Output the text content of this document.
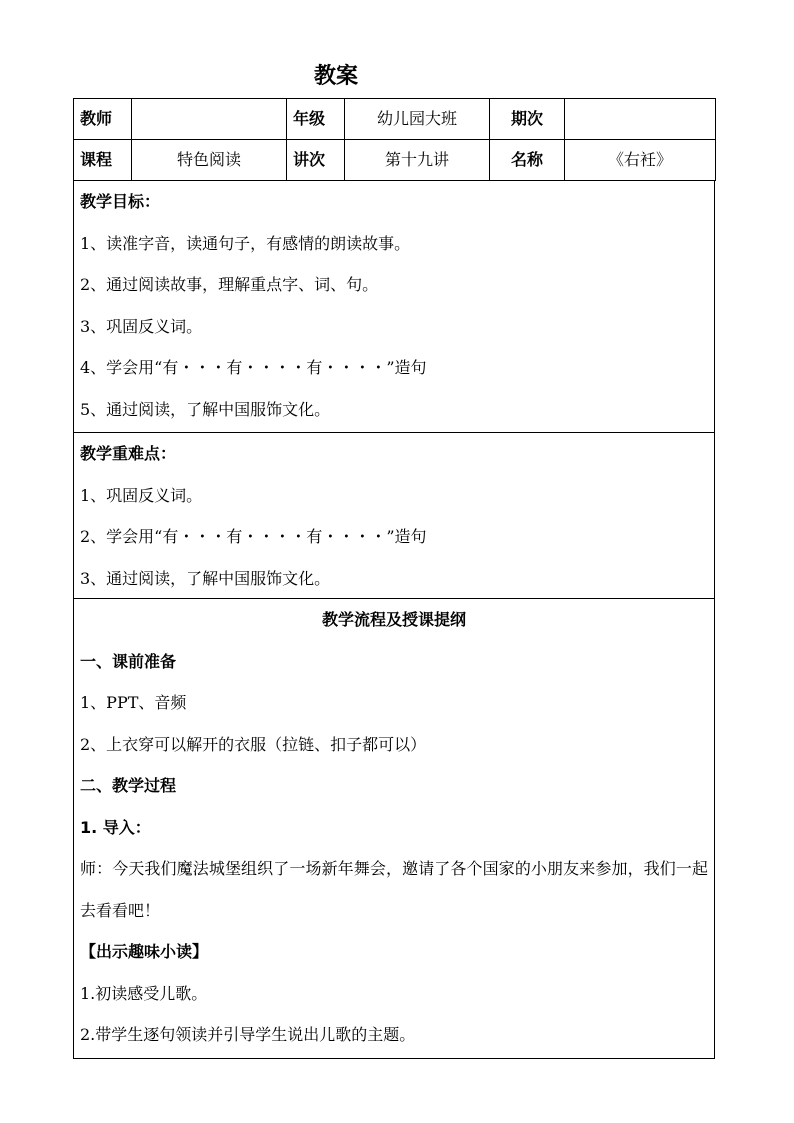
教案
教师		年级	幼儿园大班	期次	
课程	特色阅读	讲次	第十九讲	名称	《右衽》
教学目标：
1、读准字音，读通句子，有感情的朗读故事。
2、通过阅读故事，理解重点字、词、句。
3、巩固反义词。
4、学会用“有・・・有・・・・有・・・・”造句
5、通过阅读，了解中国服饰文化。
教学重难点：
1、巩固反义词。
2、学会用“有・・・有・・・・有・・・・”造句
3、通过阅读，了解中国服饰文化。
教学流程及授课提纲
一、课前准备
1、PPT、音频
2、上衣穿可以解开的衣服（拉链、扣子都可以）
二、教学过程
1. 导入：
师：今天我们魔法城堡组织了一场新年舞会，邀请了各个国家的小朋友来参加，我们一起去看看吧！
【出示趣味小读】
1.初读感受儿歌。
2.带学生逐句领读并引导学生说出儿歌的主题。
